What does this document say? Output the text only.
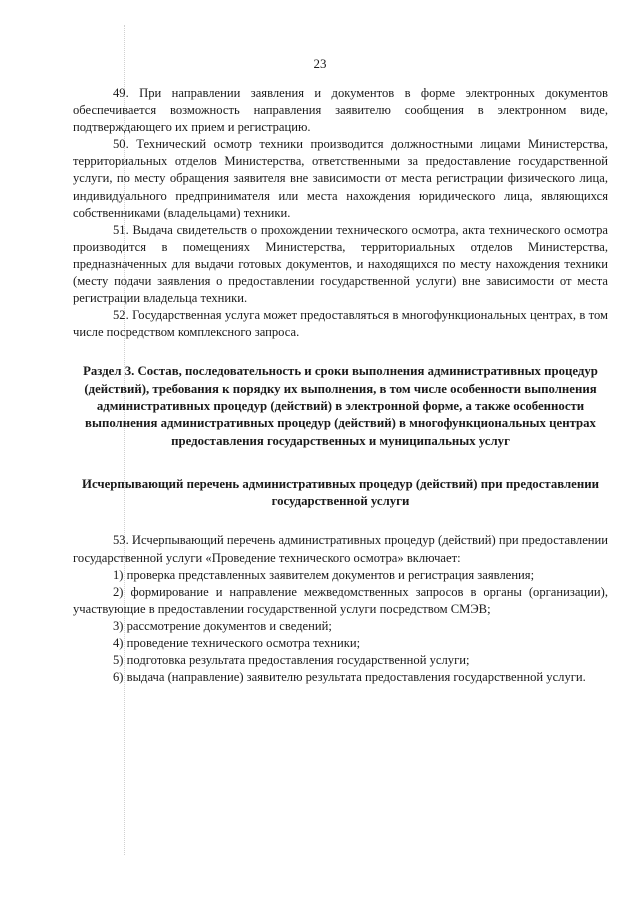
23

49. При направлении заявления и документов в форме электронных документов обеспечивается возможность направления заявителю сообщения в электронном виде, подтверждающего их прием и регистрацию.

50. Технический осмотр техники производится должностными лицами Министерства, территориальных отделов Министерства, ответственными за предоставление государственной услуги, по месту обращения заявителя вне зависимости от места регистрации физического лица, индивидуального предпринимателя или места нахождения юридического лица, являющихся собственниками (владельцами) техники.

51. Выдача свидетельств о прохождении технического осмотра, акта технического осмотра производится в помещениях Министерства, территориальных отделов Министерства, предназначенных для выдачи готовых документов, и находящихся по месту нахождения техники (месту подачи заявления о предоставлении государственной услуги) вне зависимости от места регистрации владельца техники.

52. Государственная услуга может предоставляться в многофункциональных центрах, в том числе посредством комплексного запроса.

Раздел 3. Состав, последовательность и сроки выполнения административных процедур (действий), требования к порядку их выполнения, в том числе особенности выполнения административных процедур (действий) в электронной форме, а также особенности выполнения административных процедур (действий) в многофункциональных центрах предоставления государственных и муниципальных услуг

Исчерпывающий перечень административных процедур (действий) при предоставлении государственной услуги

53. Исчерпывающий перечень административных процедур (действий) при предоставлении государственной услуги «Проведение технического осмотра» включает:

1) проверка представленных заявителем документов и регистрация заявления;

2) формирование и направление межведомственных запросов в органы (организации), участвующие в предоставлении государственной услуги посредством СМЭВ;

3) рассмотрение документов и сведений;

4) проведение технического осмотра техники;

5) подготовка результата предоставления государственной услуги;

6) выдача (направление) заявителю результата предоставления государственной услуги.
